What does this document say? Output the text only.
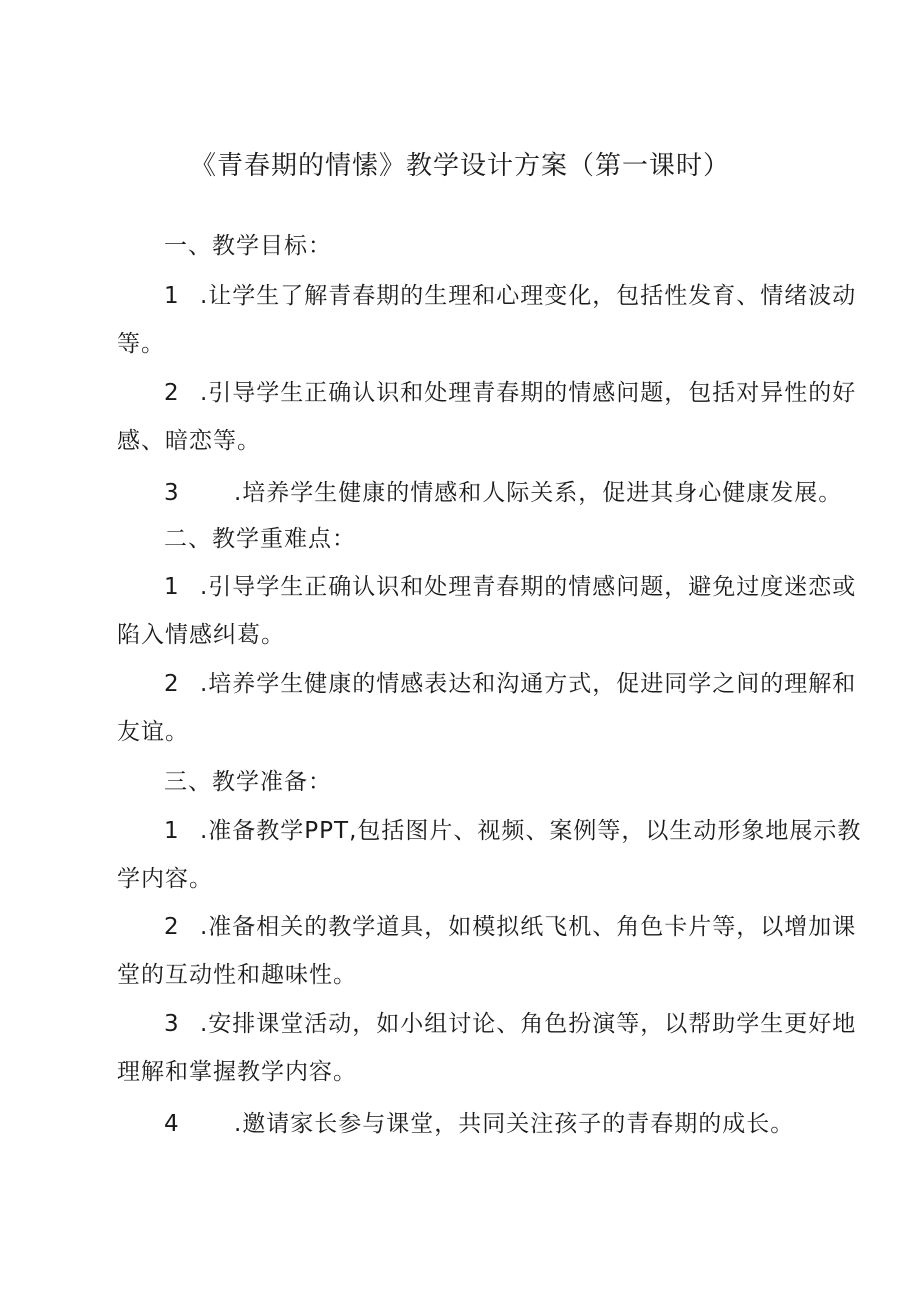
《青春期的情愫》教学设计方案（第一课时）
一、教学目标：
1 .让学生了解青春期的生理和心理变化，包括性发育、情绪波动
等。
2 .引导学生正确认识和处理青春期的情感问题，包括对异性的好
感、暗恋等。
3 .培养学生健康的情感和人际关系，促进其身心健康发展。
二、教学重难点：
1 .引导学生正确认识和处理青春期的情感问题，避免过度迷恋或
陷入情感纠葛。
2 .培养学生健康的情感表达和沟通方式，促进同学之间的理解和
友谊。
三、教学准备：
1 .准备教学PPT,包括图片、视频、案例等，以生动形象地展示教
学内容。
2 .准备相关的教学道具，如模拟纸飞机、角色卡片等，以增加课
堂的互动性和趣味性。
3 .安排课堂活动，如小组讨论、角色扮演等，以帮助学生更好地
理解和掌握教学内容。
4 .邀请家长参与课堂，共同关注孩子的青春期的成长。
